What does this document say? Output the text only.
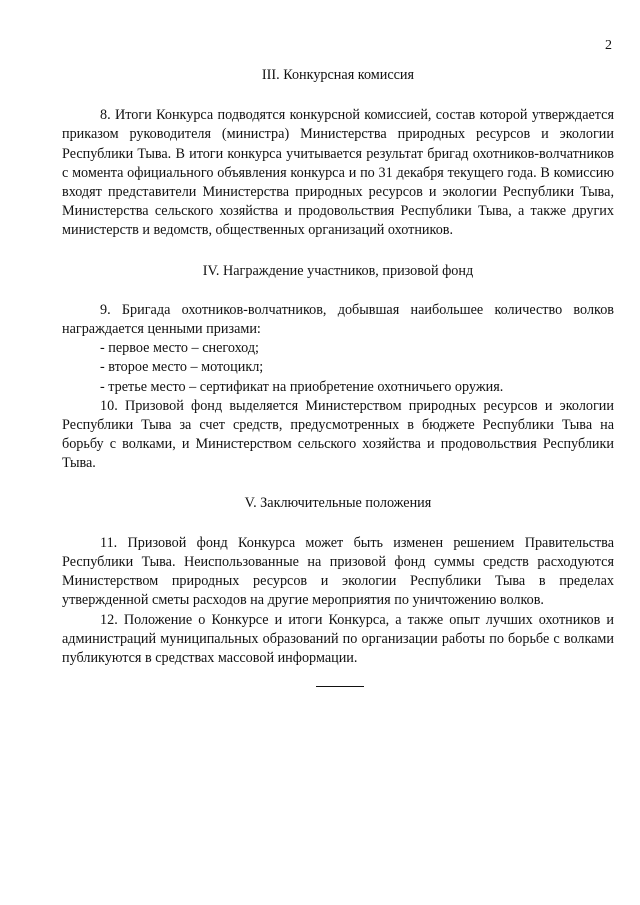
2
III. Конкурсная комиссия

8. Итоги Конкурса подводятся конкурсной комиссией, состав которой утверждается приказом руководителя (министра) Министерства природных ресурсов и экологии Республики Тыва. В итоги конкурса учитывается результат бригад охотников-волчатников с момента официального объявления конкурса и по 31 декабря текущего года. В комиссию входят представители Министерства природных ресурсов и экологии Республики Тыва, Министерства сельского хозяйства и продовольствия Республики Тыва, а также других министерств и ведомств, общественных организаций охотников.

IV. Награждение участников, призовой фонд

9. Бригада охотников-волчатников, добывшая наибольшее количество волков награждается ценными призами:

- первое место – снегоход;
- второе место – мотоцикл;
- третье место – сертификат на приобретение охотничьего оружия.

10. Призовой фонд выделяется Министерством природных ресурсов и экологии Республики Тыва за счет средств, предусмотренных в бюджете Республики Тыва на борьбу с волками, и Министерством сельского хозяйства и продовольствия Республики Тыва.

V. Заключительные положения

11. Призовой фонд Конкурса может быть изменен решением Правительства Республики Тыва. Неиспользованные на призовой фонд суммы средств расходуются Министерством природных ресурсов и экологии Республики Тыва в пределах утвержденной сметы расходов на другие мероприятия по уничтожению волков.

12. Положение о Конкурсе и итоги Конкурса, а также опыт лучших охотников и администраций муниципальных образований по организации работы по борьбе с волками публикуются в средствах массовой информации.
